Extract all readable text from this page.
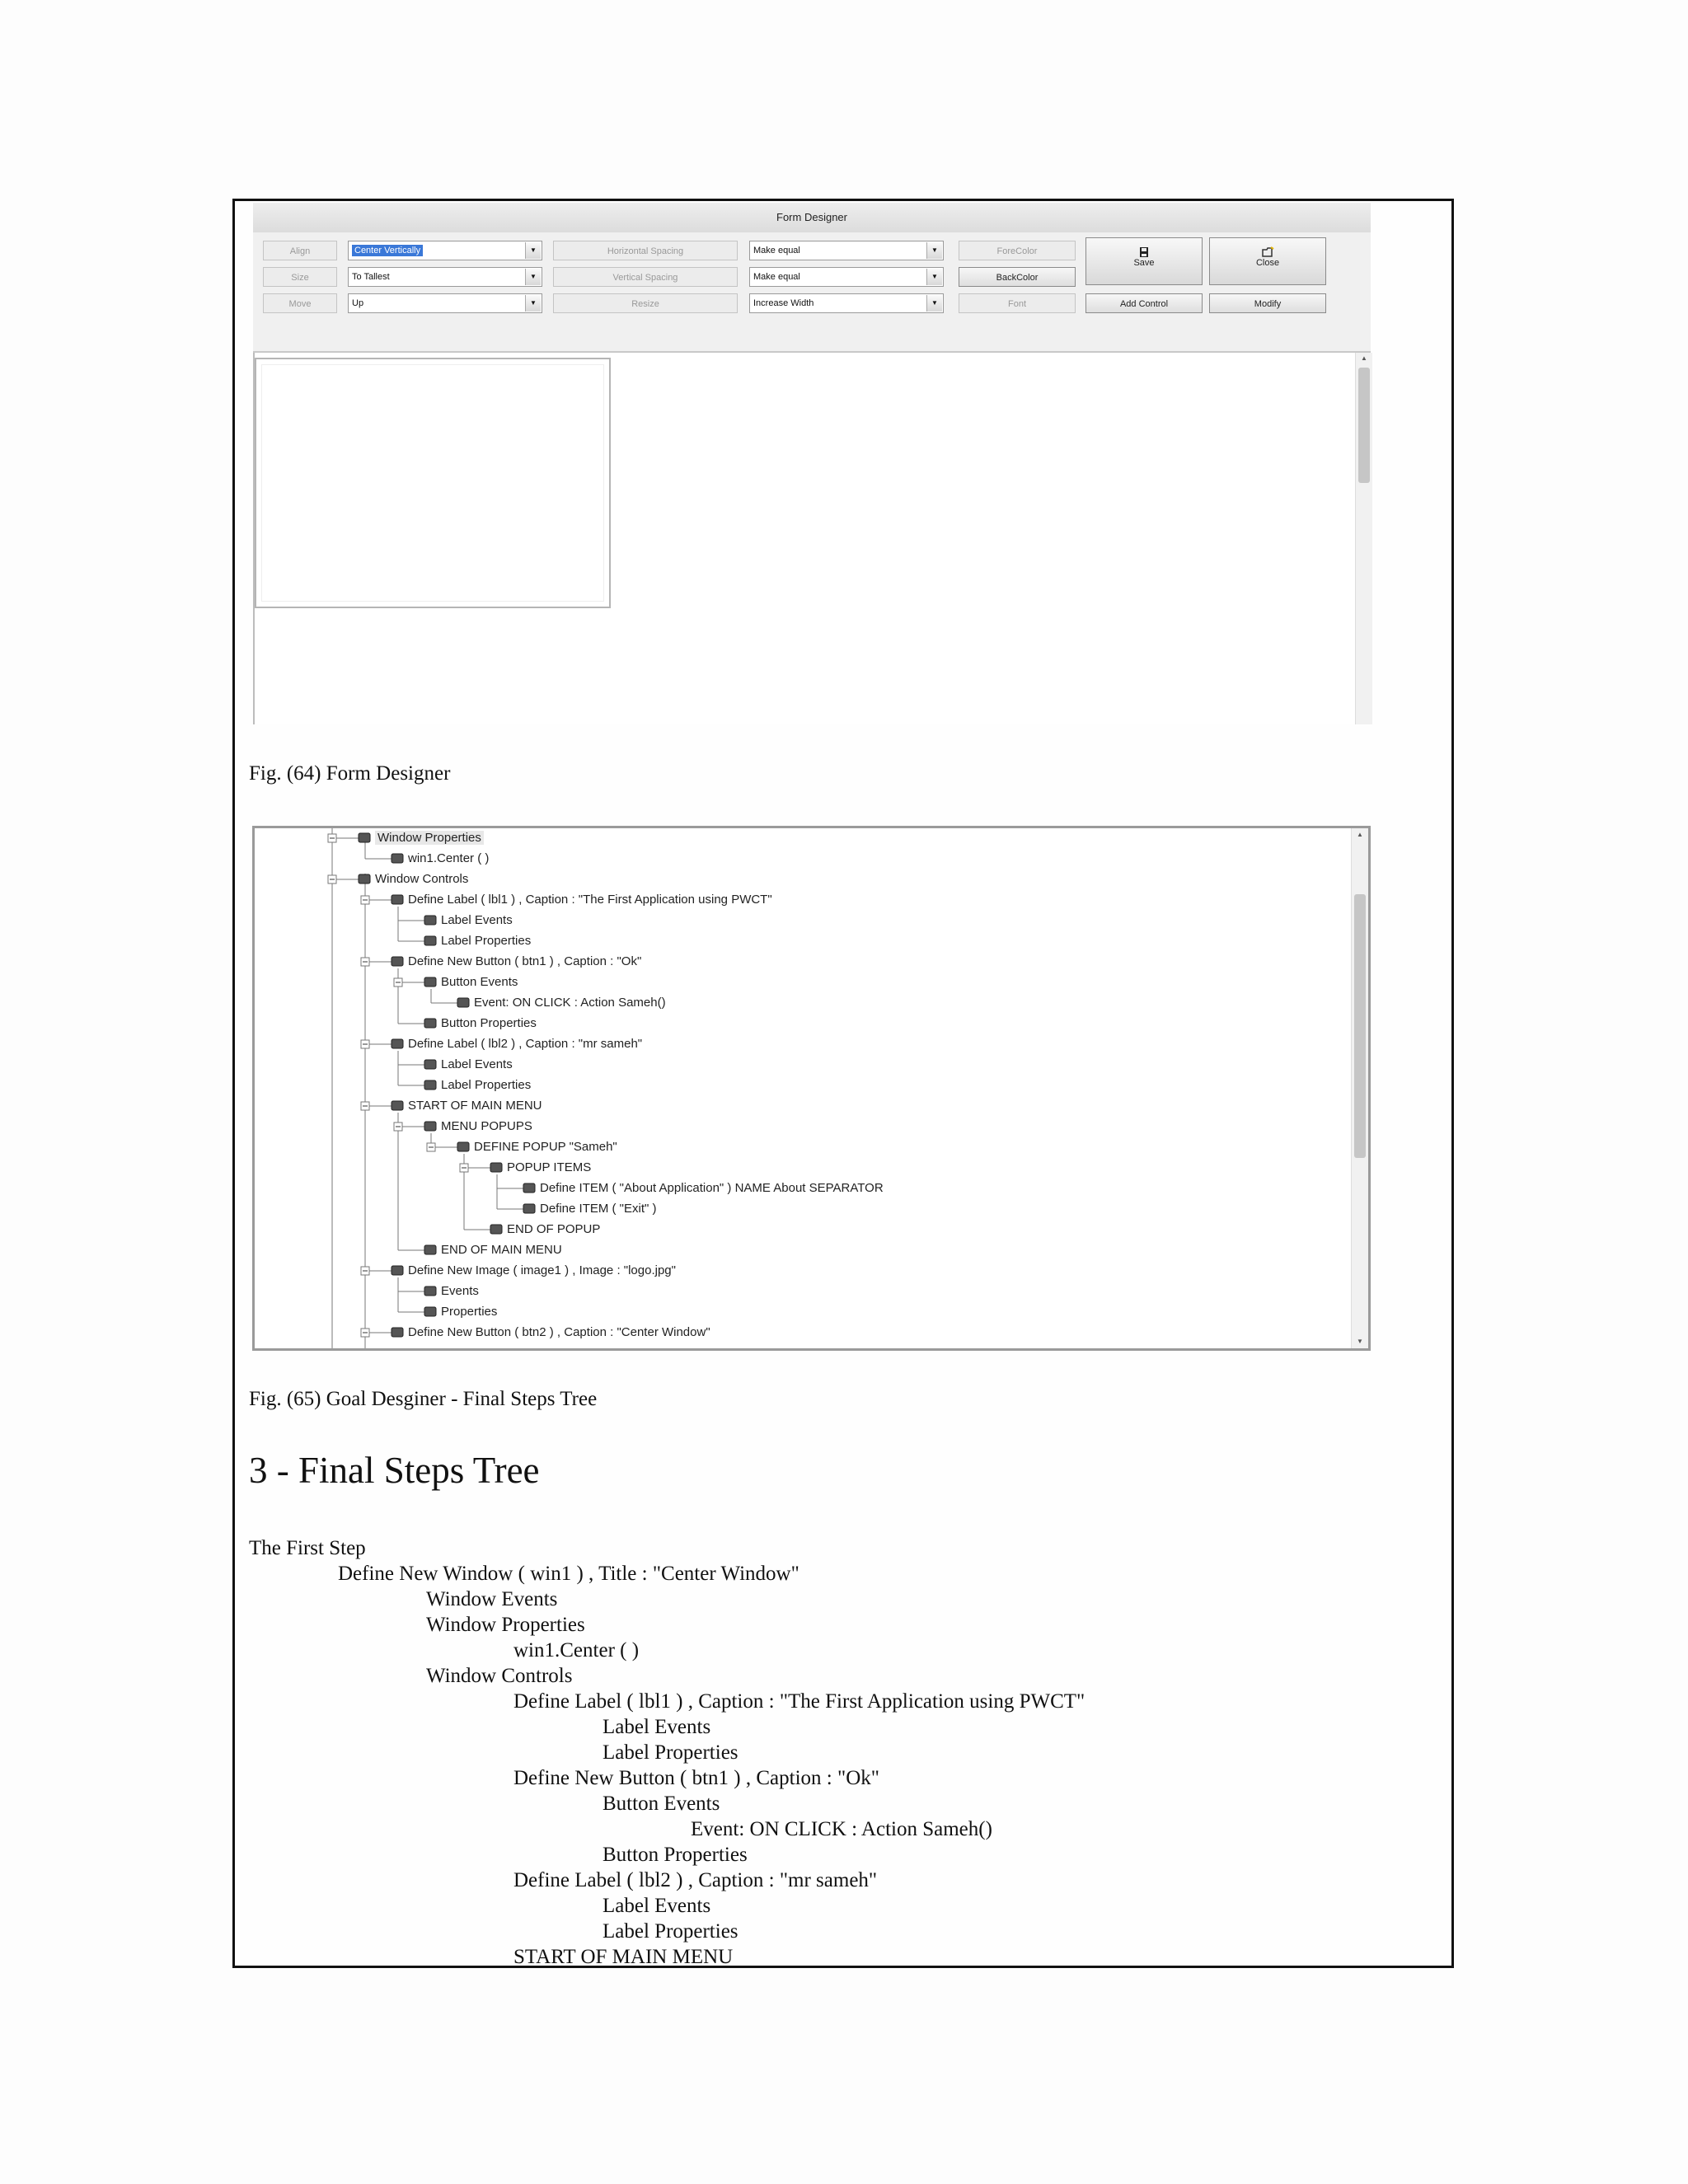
Form Designer
Align	Center Vertically	▼	Horizontal Spacing	Make equal	▼	ForeColor
Size	To Tallest	▼	Vertical Spacing	Make equal	▼	BackColor
Move	Up	▼	Resize	Increase Width	▼	Font
Save	Close
Add Control	Modify
▲
Fig. (64) Form Designer
Window Properties
win1.Center ( )
Window Controls
Define Label ( lbl1 ) , Caption : "The First Application using PWCT"
Label Events
Label Properties
Define New Button ( btn1 ) , Caption : "Ok"
Button Events
Event: ON CLICK : Action Sameh()
Button Properties
Define Label ( lbl2 ) , Caption : "mr sameh"
Label Events
Label Properties
START OF MAIN MENU
MENU POPUPS
DEFINE POPUP "Sameh"
POPUP ITEMS
Define ITEM ( "About Application" ) NAME About SEPARATOR
Define ITEM ( "Exit" )
END OF POPUP
END OF MAIN MENU
Define New Image ( image1 ) , Image : "logo.jpg"
Events
Properties
Define New Button ( btn2 ) , Caption : "Center Window"
▲
▼
Fig. (65) Goal Desginer - Final Steps Tree
3 - Final Steps Tree
The First Step
Define New Window ( win1 ) , Title : "Center Window"
Window Events
Window Properties
win1.Center ( )
Window Controls
Define Label ( lbl1 ) , Caption : "The First Application using PWCT"
Label Events
Label Properties
Define New Button ( btn1 ) , Caption : "Ok"
Button Events
Event: ON CLICK : Action Sameh()
Button Properties
Define Label ( lbl2 ) , Caption : "mr sameh"
Label Events
Label Properties
START OF MAIN MENU
